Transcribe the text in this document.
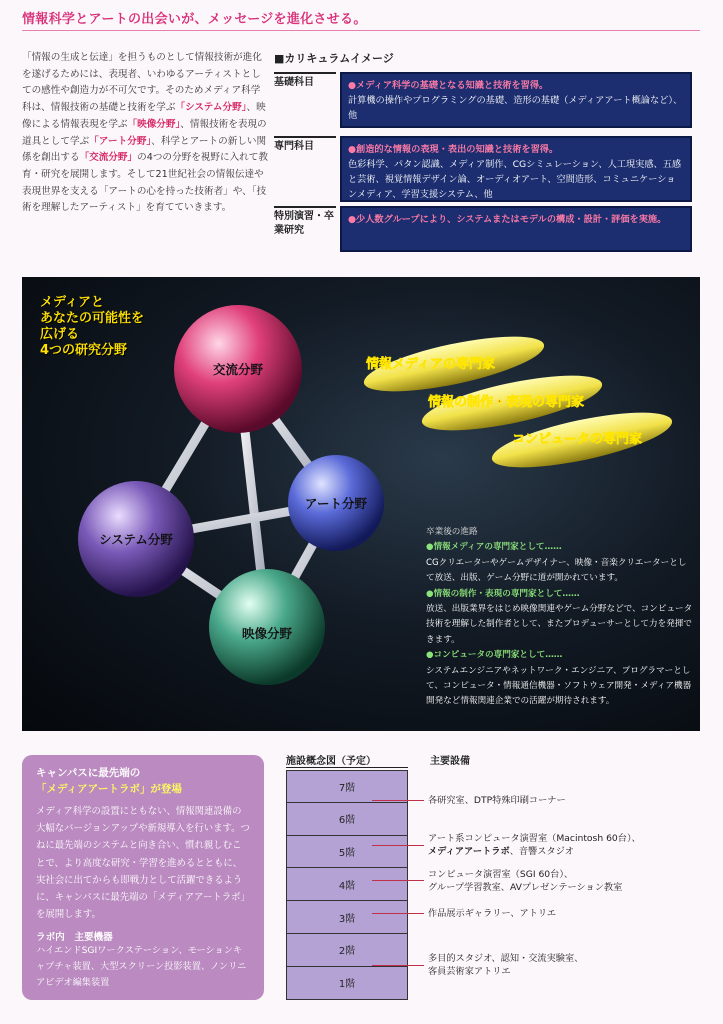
情報科学とアートの出会いが、メッセージを進化させる。
「情報の生成と伝達」を担うものとして情報技術が進化を遂げるためには、表現者、いわゆるアーティストとしての感性や創造力が不可欠です。そのためメディア科学科は、情報技術の基礎と技術を学ぶ「システム分野」、映像による情報表現を学ぶ「映像分野」、情報技術を表現の道具として学ぶ「アート分野」、科学とアートの新しい関係を創出する「交流分野」の4つの分野を視野に入れて教育・研究を展開します。そして21世紀社会の情報伝達や表現世界を支える「アートの心を持った技術者」や、「技術を理解したアーティスト」を育てていきます。
■カリキュラムイメージ
基礎科目	●メディア科学の基礎となる知識と技術を習得。
計算機の操作やプログラミングの基礎、造形の基礎（メディアアート概論など）、他
専門科目	●創造的な情報の表現・表出の知識と技術を習得。
色彩科学、パタン認識、メディア制作、CGシミュレーション、人工現実感、五感と芸術、視覚情報デザイン論、オーディオアート、空間造形、コミュニケーションメディア、学習支援システム、他
特別演習・卒業研究
●少人数グループにより、システムまたはモデルの構成・設計・評価を実施。
メディアと
あなたの可能性を
広げる
4つの研究分野
交流分野
アート分野
システム分野
映像分野
情報メディアの専門家
情報の制作・表現の専門家
コンピュータの専門家
卒業後の進路
●情報メディアの専門家として……
CGクリエーターやゲームデザイナー、映像・音楽クリエーターとして放送、出版、ゲーム分野に道が開かれています。
●情報の制作・表現の専門家として……
放送、出版業界をはじめ映像関連やゲーム分野などで、コンピュータ技術を理解した制作者として、またプロデューサーとして力を発揮できます。
●コンピュータの専門家として……
システムエンジニアやネットワーク・エンジニア、プログラマーとして、コンピュータ・情報通信機器・ソフトウェア開発・メディア機器開発など情報関連企業での活躍が期待されます。
キャンパスに最先端の
「メディアアートラボ」が登場
メディア科学の設置にともない、情報関連設備の大幅なバージョンアップや新規導入を行います。つねに最先端のシステムと向き合い、慣れ親しむことで、より高度な研究・学習を進めるとともに、実社会に出てからも即戦力として活躍できるように、キャンパスに最先端の「メディアアートラボ」を展開します。
ラボ内　主要機器
ハイエンドSGIワークステーション、モーションキャプチャ装置、大型スクリーン投影装置、ノンリニアビデオ編集装置
施設概念図（予定）
7階
6階
5階
4階
3階
2階
1階
主要設備
各研究室、DTP特殊印刷コーナー
アート系コンピュータ演習室（Macintosh 60台）、
メディアアートラボ、音響スタジオ
コンピュータ演習室（SGI 60台）、
グループ学習教室、AVプレゼンテーション教室
作品展示ギャラリー、アトリエ
多目的スタジオ、認知・交流実験室、
客員芸術家アトリエ
